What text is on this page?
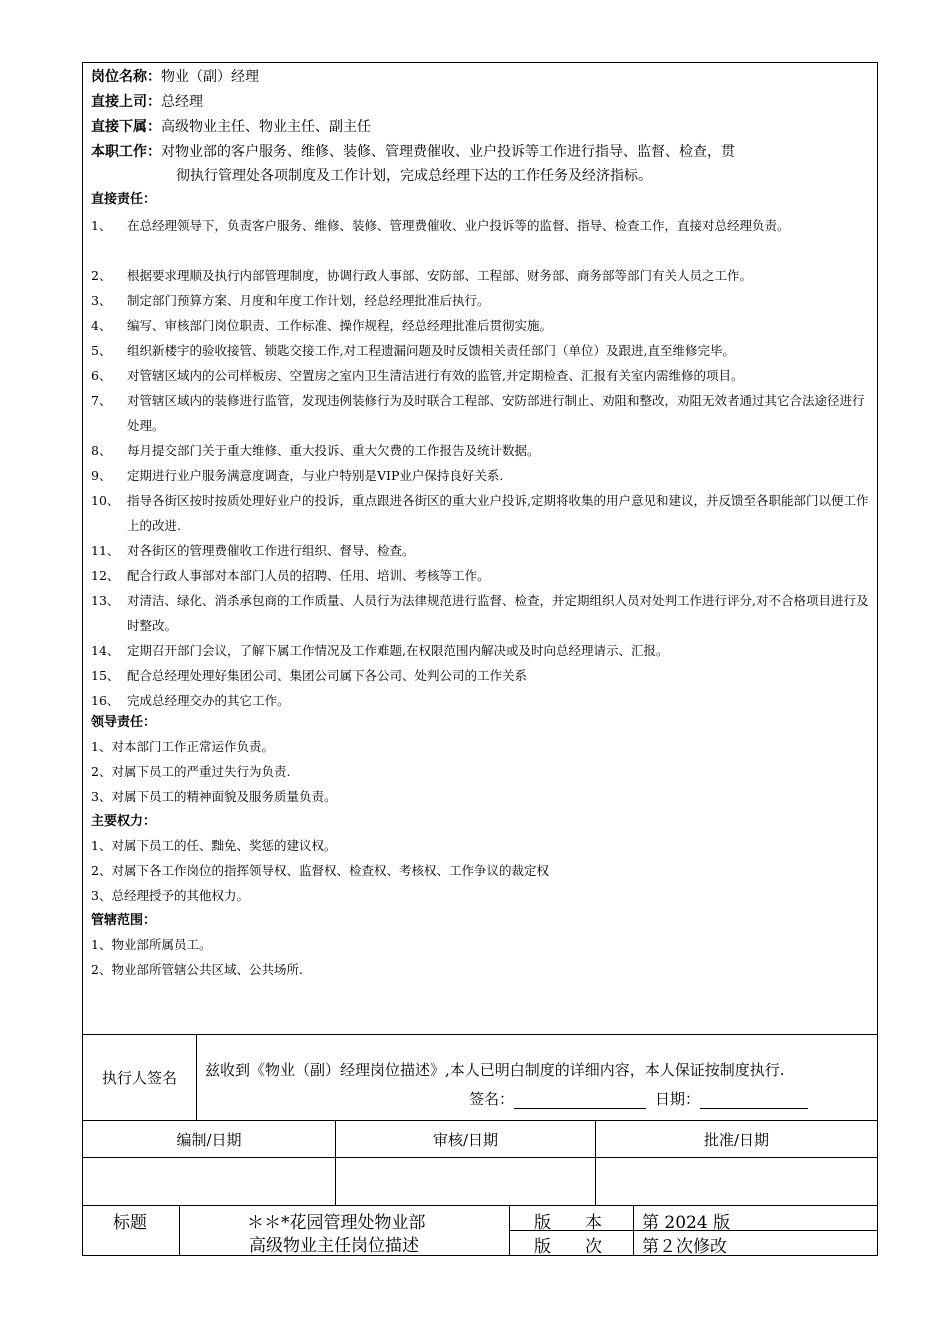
岗位名称：物业（副）经理
直接上司：总经理
直接下属：高级物业主任、物业主任、副主任
本职工作：对物业部的客户服务、维修、装修、管理费催收、业户投诉等工作进行指导、监督、检查，贯
彻执行管理处各项制度及工作计划，完成总经理下达的工作任务及经济指标。
直接责任：
1、	在总经理领导下，负责客户服务、维修、装修、管理费催收、业户投诉等的监督、指导、检查工作，直接对总经理负责。
2、	根据要求理顺及执行内部管理制度，协调行政人事部、安防部、工程部、财务部、商务部等部门有关人员之工作。
3、	制定部门预算方案、月度和年度工作计划，经总经理批准后执行。
4、	编写、审核部门岗位职责、工作标准、操作规程，经总经理批准后贯彻实施。
5、	组织新楼宇的验收接管、锁匙交接工作,对工程遗漏问题及时反馈相关责任部门（单位）及跟进,直至维修完毕。
6、	对管辖区域内的公司样板房、空置房之室内卫生清洁进行有效的监管,并定期检查、汇报有关室内需维修的项目。
7、	对管辖区域内的装修进行监管，发现违例装修行为及时联合工程部、安防部进行制止、劝阻和整改，劝阻无效者通过其它合法途径进行处理。
8、	每月提交部门关于重大维修、重大投诉、重大欠费的工作报告及统计数据。
9、	定期进行业户服务满意度调查，与业户特别是VIP业户保持良好关系.
10、 指导各街区按时按质处理好业户的投诉，重点跟进各街区的重大业户投诉,定期将收集的用户意见和建议，并反馈至各职能部门以便工作上的改进.
11、 对各街区的管理费催收工作进行组织、督导、检查。
12、 配合行政人事部对本部门人员的招聘、任用、培训、考核等工作。
13、 对清洁、绿化、消杀承包商的工作质量、人员行为法律规范进行监督、检查，并定期组织人员对处判工作进行评分,对不合格项目进行及时整改。
14、 定期召开部门会议，了解下属工作情况及工作难题,在权限范围内解决或及时向总经理请示、汇报。
15、 配合总经理处理好集团公司、集团公司属下各公司、处判公司的工作关系
16、 完成总经理交办的其它工作。
领导责任：
1、对本部门工作正常运作负责。
2、对属下员工的严重过失行为负责.
3、对属下员工的精神面貌及服务质量负责。
主要权力：
1、对属下员工的任、黜免、奖惩的建议权。
2、对属下各工作岗位的指挥领导权、监督权、检查权、考核权、工作争议的裁定权
3、总经理授予的其他权力。
管辖范围：
1、物业部所属员工。
2、物业部所管辖公共区域、公共场所.
执行人签名	兹收到《物业（副）经理岗位描述》,本人已明白制度的详细内容，本人保证按制度执行.
签名：	日期：
编制/日期	审核/日期	批准/日期
标题	＊＊*花园管理处物业部
高级物业主任岗位描述
版　　本 第 2024 版
版　　次 第２次修改
